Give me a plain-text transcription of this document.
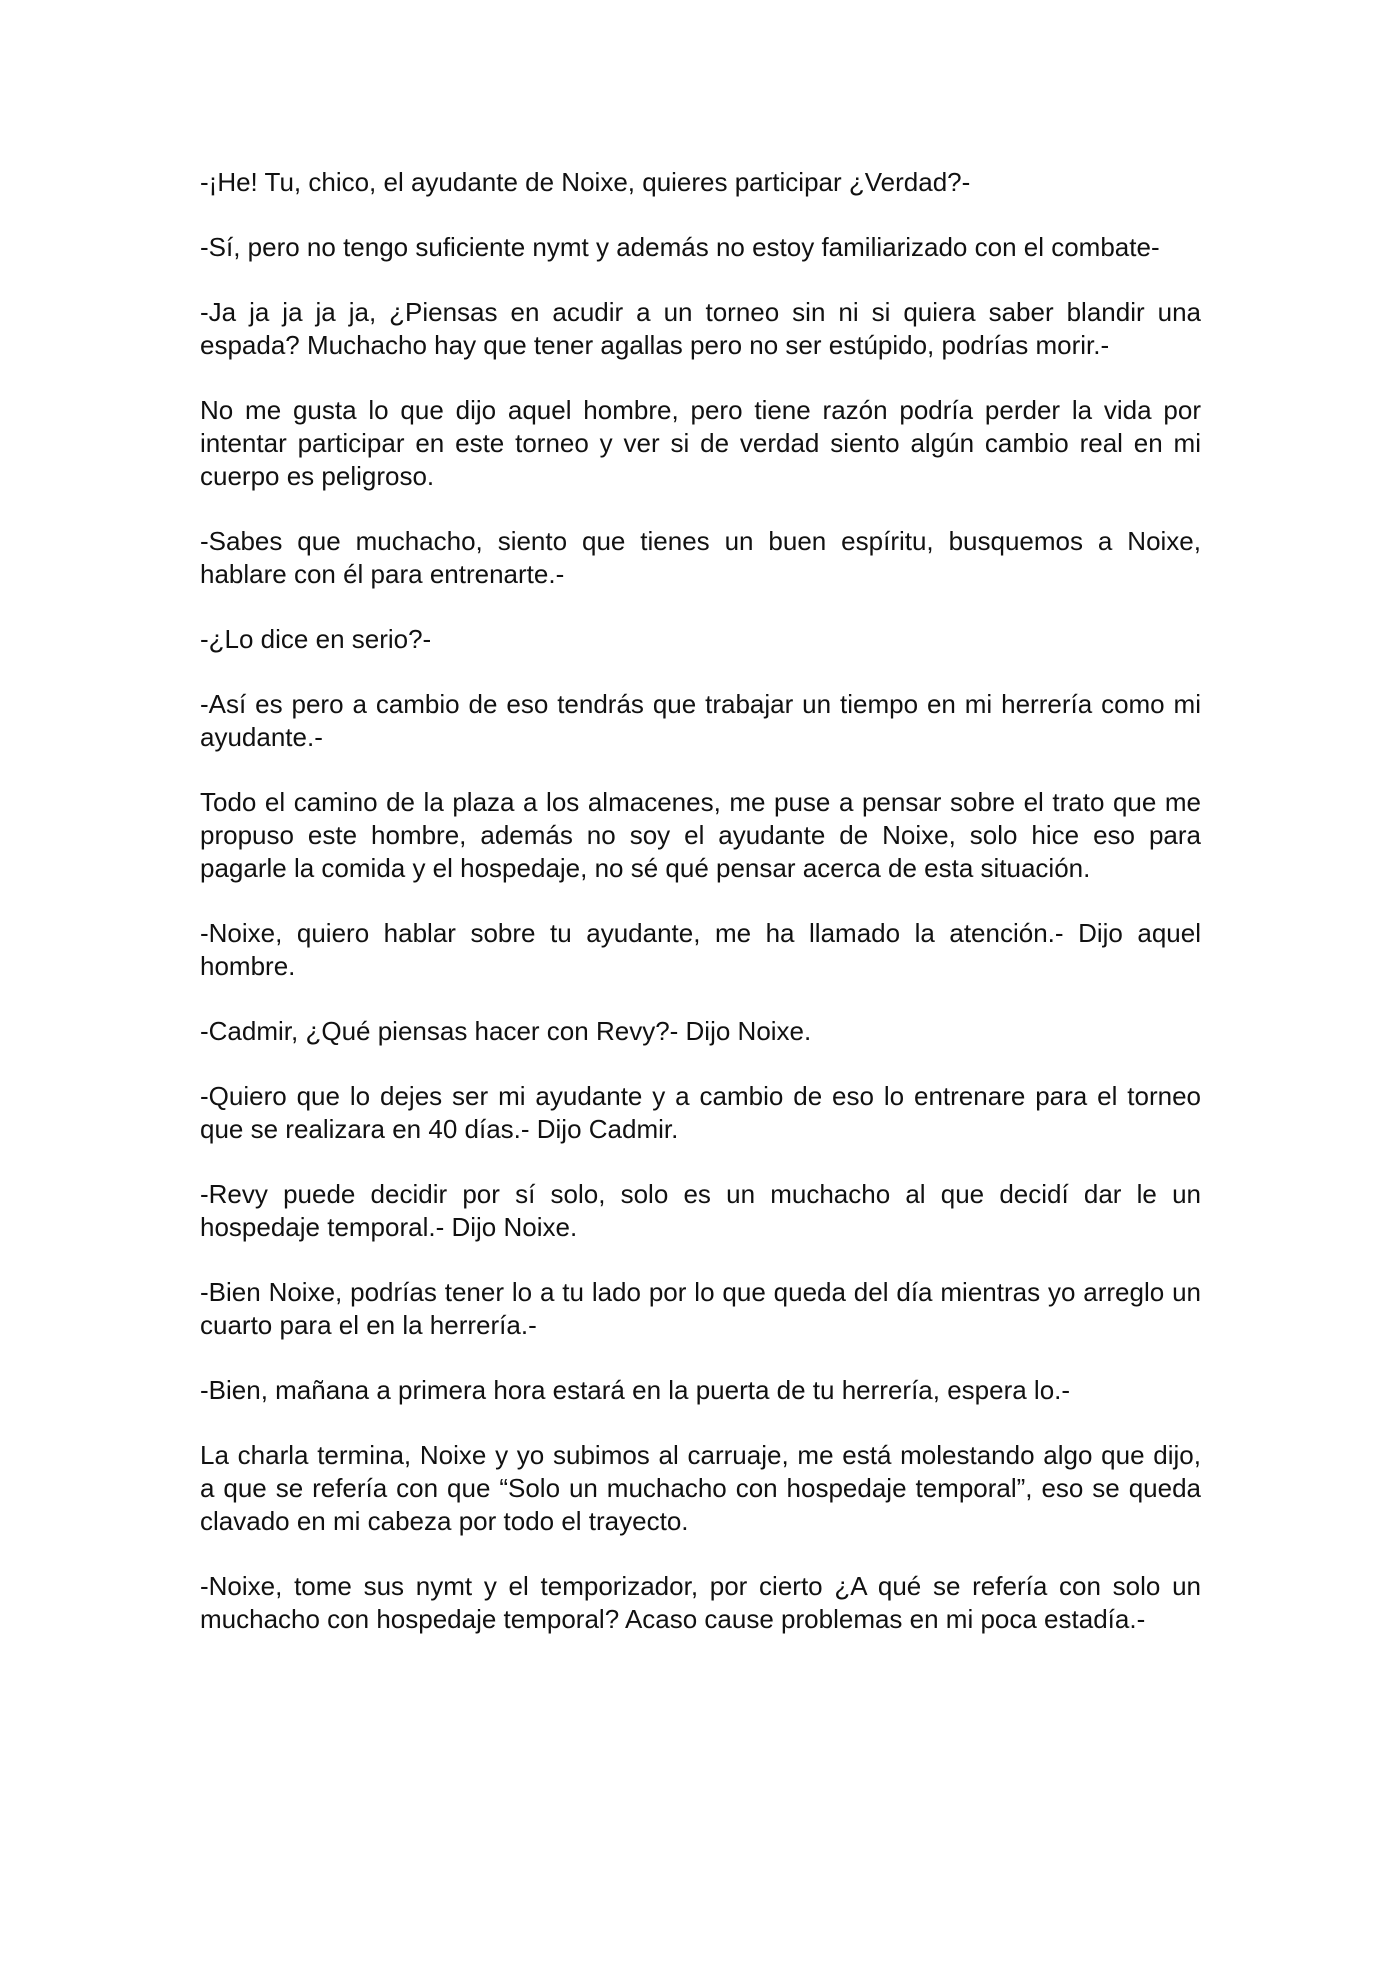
-¡He! Tu, chico, el ayudante de Noixe, quieres participar ¿Verdad?-

-Sí, pero no tengo suficiente nymt y además no estoy familiarizado con el combate-

-Ja ja ja ja ja, ¿Piensas en acudir a un torneo sin ni si quiera saber blandir una espada? Muchacho hay que tener agallas pero no ser estúpido, podrías morir.-

No me gusta lo que dijo aquel hombre, pero tiene razón podría perder la vida por intentar participar en este torneo y ver si de verdad siento algún cambio real en mi cuerpo es peligroso.

-Sabes que muchacho, siento que tienes un buen espíritu, busquemos a Noixe, hablare con él para entrenarte.-

-¿Lo dice en serio?-

-Así es pero a cambio de eso tendrás que trabajar un tiempo en mi herrería como mi ayudante.-

Todo el camino de la plaza a los almacenes, me puse a pensar sobre el trato que me propuso este hombre, además no soy el ayudante de Noixe, solo hice eso para pagarle la comida y el hospedaje, no sé qué pensar acerca de esta situación.

-Noixe, quiero hablar sobre tu ayudante, me ha llamado la atención.- Dijo aquel hombre.

-Cadmir, ¿Qué piensas hacer con Revy?- Dijo Noixe.

-Quiero que lo dejes ser mi ayudante y a cambio de eso lo entrenare para el torneo que se realizara en 40 días.- Dijo Cadmir.

-Revy puede decidir por sí solo, solo es un muchacho al que decidí dar le un hospedaje temporal.- Dijo Noixe.

-Bien Noixe, podrías tener lo a tu lado por lo que queda del día mientras yo arreglo un cuarto para el en la herrería.-

-Bien, mañana a primera hora estará en la puerta de tu herrería, espera lo.-

La charla termina, Noixe y yo subimos al carruaje, me está molestando algo que dijo, a que se refería con que “Solo un muchacho con hospedaje temporal”, eso se queda clavado en mi cabeza por todo el trayecto.

-Noixe, tome sus nymt y el temporizador, por cierto ¿A qué se refería con solo un muchacho con hospedaje temporal? Acaso cause problemas en mi poca estadía.-
